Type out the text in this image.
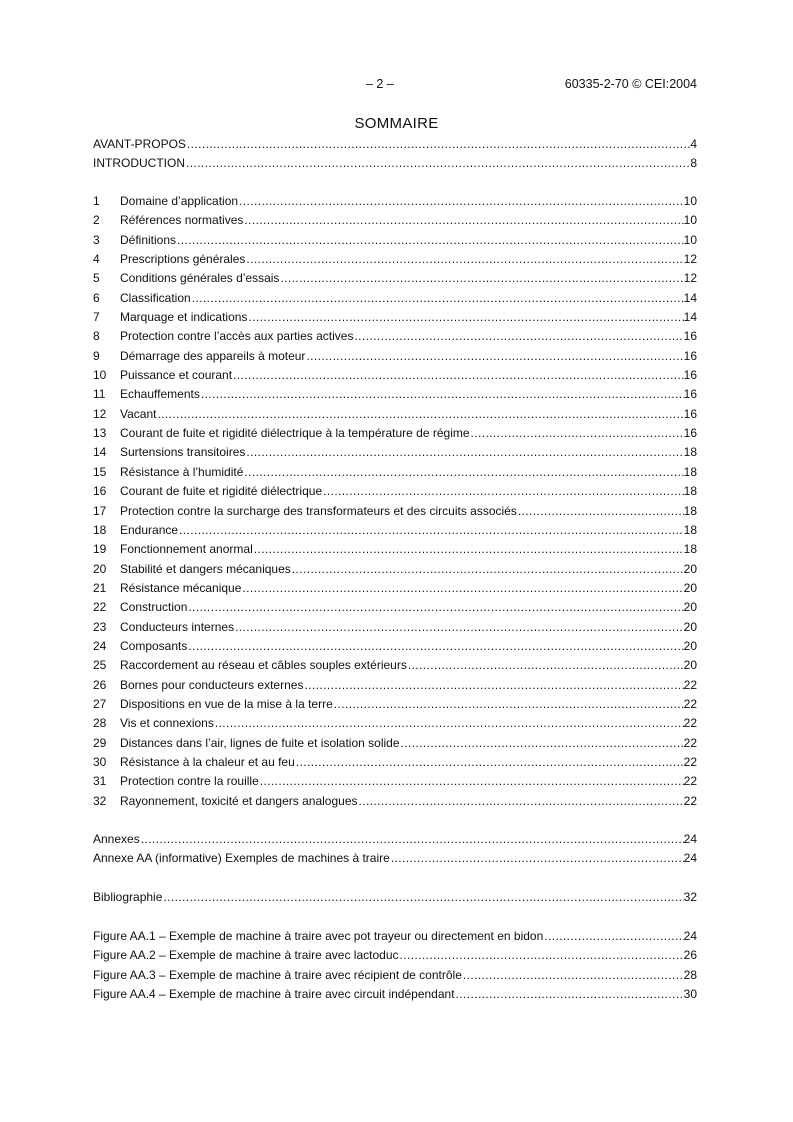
– 2 –	60335-2-70 © CEI:2004
SOMMAIRE
AVANT-PROPOS .....	4
INTRODUCTION .....	8
1	Domaine d’application .....	10
2	Références normatives .....	10
3	Définitions .....	10
4	Prescriptions générales .....	12
5	Conditions générales d’essais .....	12
6	Classification .....	14
7	Marquage et indications .....	14
8	Protection contre l’accès aux parties actives .....	16
9	Démarrage des appareils à moteur .....	16
10	Puissance et courant .....	16
11	Echauffements .....	16
12	Vacant .....	16
13	Courant de fuite et rigidité diélectrique à la température de régime .....	16
14	Surtensions transitoires .....	18
15	Résistance à l’humidité .....	18
16	Courant de fuite et rigidité diélectrique .....	18
17	Protection contre la surcharge des transformateurs et des circuits associés .....	18
18	Endurance .....	18
19	Fonctionnement anormal .....	18
20	Stabilité et dangers mécaniques .....	20
21	Résistance mécanique .....	20
22	Construction .....	20
23	Conducteurs internes .....	20
24	Composants .....	20
25	Raccordement au réseau et câbles souples extérieurs .....	20
26	Bornes pour conducteurs externes .....	22
27	Dispositions en vue de la mise à la terre .....	22
28	Vis et connexions .....	22
29	Distances dans l’air, lignes de fuite et isolation solide .....	22
30	Résistance à la chaleur et au feu .....	22
31	Protection contre la rouille .....	22
32	Rayonnement, toxicité et dangers analogues .....	22
Annexes .....	24
Annexe AA (informative) Exemples de machines à traire .....	24
Bibliographie .....	32
Figure AA.1 – Exemple de machine à traire avec pot trayeur ou directement en bidon .....	24
Figure AA.2 – Exemple de machine à traire avec lactoduc .....	26
Figure AA.3 – Exemple de machine à traire avec récipient de contrôle .....	28
Figure AA.4 – Exemple de machine à traire avec circuit indépendant .....	30
